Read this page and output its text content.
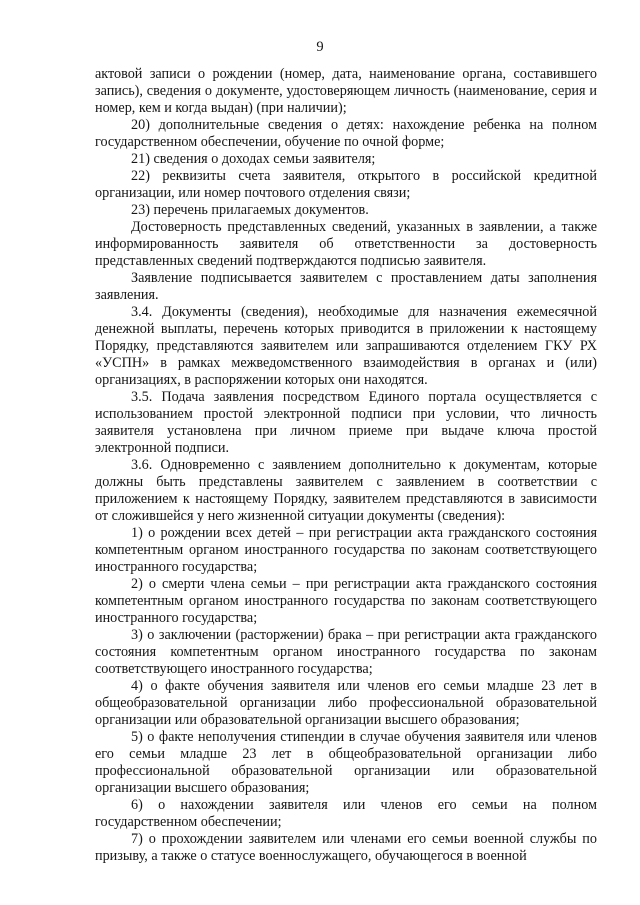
9

актовой записи о рождении (номер, дата, наименование органа, составившего запись), сведения о документе, удостоверяющем личность (наименование, серия и номер, кем и когда выдан) (при наличии);

20) дополнительные сведения о детях: нахождение ребенка на полном государственном обеспечении, обучение по очной форме;

21) сведения о доходах семьи заявителя;

22) реквизиты счета заявителя, открытого в российской кредитной организации, или номер почтового отделения связи;

23) перечень прилагаемых документов.

Достоверность представленных сведений, указанных в заявлении, а также информированность заявителя об ответственности за достоверность представленных сведений подтверждаются подписью заявителя.

Заявление подписывается заявителем с проставлением даты заполнения заявления.

3.4. Документы (сведения), необходимые для назначения ежемесячной денежной выплаты, перечень которых приводится в приложении к настоящему Порядку, представляются заявителем или запрашиваются отделением ГКУ РХ «УСПН» в рамках межведомственного взаимодействия в органах и (или) организациях, в распоряжении которых они находятся.

3.5. Подача заявления посредством Единого портала осуществляется с использованием простой электронной подписи при условии, что личность заявителя установлена при личном приеме при выдаче ключа простой электронной подписи.

3.6. Одновременно с заявлением дополнительно к документам, которые должны быть представлены заявителем с заявлением в соответствии с приложением к настоящему Порядку, заявителем представляются в зависимости от сложившейся у него жизненной ситуации документы (сведения):

1) о рождении всех детей – при регистрации акта гражданского состояния компетентным органом иностранного государства по законам соответствующего иностранного государства;

2) о смерти члена семьи – при регистрации акта гражданского состояния компетентным органом иностранного государства по законам соответствующего иностранного государства;

3) о заключении (расторжении) брака – при регистрации акта гражданского состояния компетентным органом иностранного государства по законам соответствующего иностранного государства;

4) о факте обучения заявителя или членов его семьи младше 23 лет в общеобразовательной организации либо профессиональной образовательной организации или образовательной организации высшего образования;

5) о факте неполучения стипендии в случае обучения заявителя или членов его семьи младше 23 лет в общеобразовательной организации либо профессиональной образовательной организации или образовательной организации высшего образования;

6) о нахождении заявителя или членов его семьи на полном государственном обеспечении;

7) о прохождении заявителем или членами его семьи военной службы по призыву, а также о статусе военнослужащего, обучающегося в военной
